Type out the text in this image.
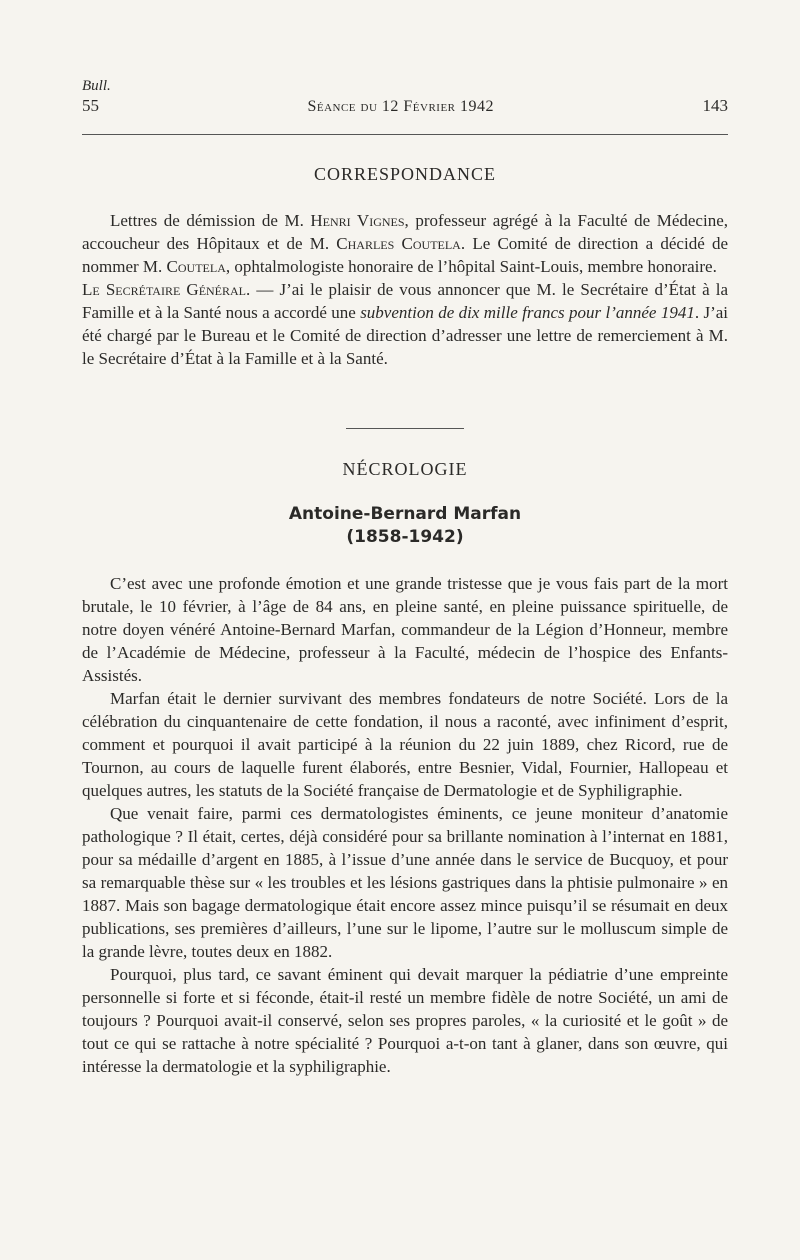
Bull.
55	Séance du 12 Février 1942	143
CORRESPONDANCE

Lettres de démission de M. Henri Vignes, professeur agrégé à la Faculté de Médecine, accoucheur des Hôpitaux et de M. Charles Coutela. Le Comité de direction a décidé de nommer M. Coutela, ophtalmologiste honoraire de l’hôpital Saint-Louis, membre honoraire.

Le Secrétaire Général. — J’ai le plaisir de vous annoncer que M. le Secrétaire d’État à la Famille et à la Santé nous a accordé une subvention de dix mille francs pour l’année 1941. J’ai été chargé par le Bureau et le Comité de direction d’adresser une lettre de remerciement à M. le Secrétaire d’État à la Famille et à la Santé.

NÉCROLOGIE
Antoine-Bernard Marfan
(1858-1942)

C’est avec une profonde émotion et une grande tristesse que je vous fais part de la mort brutale, le 10 février, à l’âge de 84 ans, en pleine santé, en pleine puissance spirituelle, de notre doyen vénéré Antoine-Bernard Marfan, commandeur de la Légion d’Honneur, membre de l’Académie de Médecine, professeur à la Faculté, médecin de l’hospice des Enfants-Assistés.

Marfan était le dernier survivant des membres fondateurs de notre Société. Lors de la célébration du cinquantenaire de cette fondation, il nous a raconté, avec infiniment d’esprit, comment et pourquoi il avait participé à la réunion du 22 juin 1889, chez Ricord, rue de Tournon, au cours de laquelle furent élaborés, entre Besnier, Vidal, Fournier, Hallopeau et quelques autres, les statuts de la Société française de Dermatologie et de Syphiligraphie.

Que venait faire, parmi ces dermatologistes éminents, ce jeune moniteur d’anatomie pathologique ? Il était, certes, déjà considéré pour sa brillante nomination à l’internat en 1881, pour sa médaille d’argent en 1885, à l’issue d’une année dans le service de Bucquoy, et pour sa remarquable thèse sur « les troubles et les lésions gastriques dans la phtisie pulmonaire » en 1887. Mais son bagage dermatologique était encore assez mince puisqu’il se résumait en deux publications, ses premières d’ailleurs, l’une sur le lipome, l’autre sur le molluscum simple de la grande lèvre, toutes deux en 1882.

Pourquoi, plus tard, ce savant éminent qui devait marquer la pédiatrie d’une empreinte personnelle si forte et si féconde, était-il resté un membre fidèle de notre Société, un ami de toujours ? Pourquoi avait-il conservé, selon ses propres paroles, « la curiosité et le goût » de tout ce qui se rattache à notre spécialité ? Pourquoi a-t-on tant à glaner, dans son œuvre, qui intéresse la dermatologie et la syphiligraphie.
